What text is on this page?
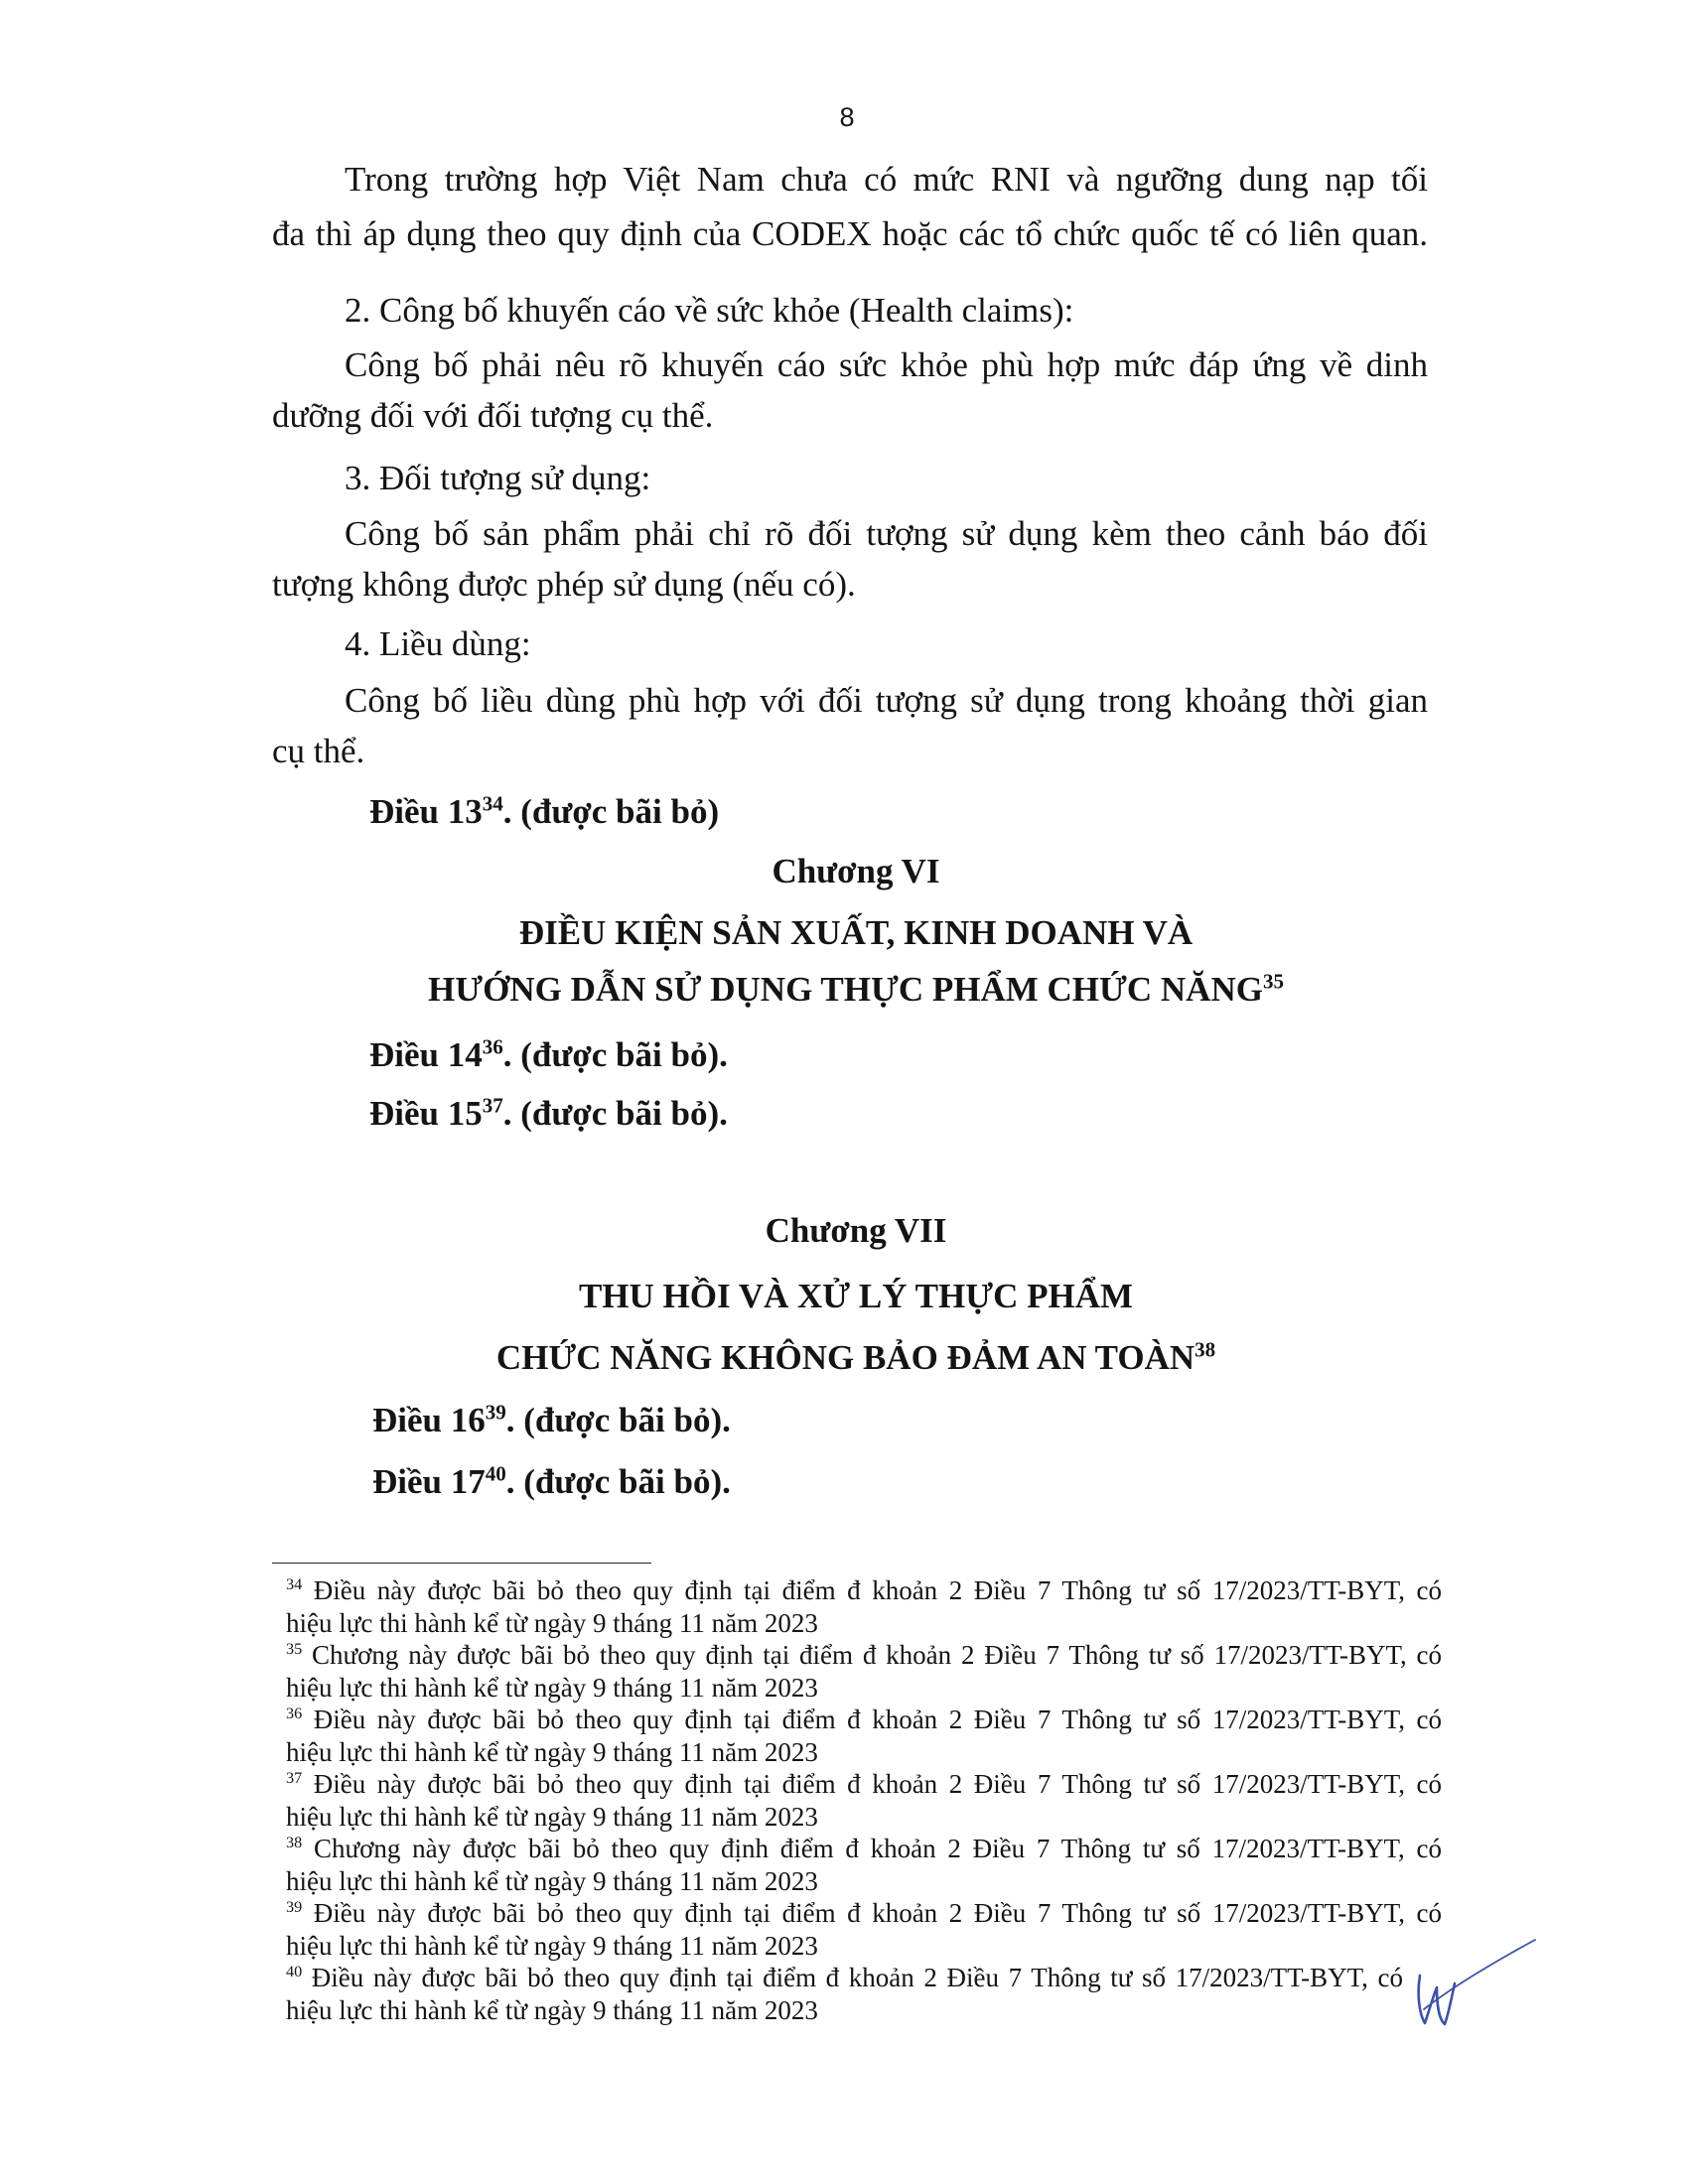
8
Trong trường hợp Việt Nam chưa có mức RNI và ngưỡng dung nạp tối
đa thì áp dụng theo quy định của CODEX hoặc các tổ chức quốc tế có liên quan.
2. Công bố khuyến cáo về sức khỏe (Health claims):
Công bố phải nêu rõ khuyến cáo sức khỏe phù hợp mức đáp ứng về dinh
dưỡng đối với đối tượng cụ thể.
3. Đối tượng sử dụng:
Công bố sản phẩm phải chỉ rõ đối tượng sử dụng kèm theo cảnh báo đối
tượng không được phép sử dụng (nếu có).
4. Liều dùng:
Công bố liều dùng phù hợp với đối tượng sử dụng trong khoảng thời gian
cụ thể.
Điều $13^{34}$. (được bãi bỏ)
Chương VI
ĐIỀU KIỆN SẢN XUẤT, KINH DOANH VÀ
HƯỚNG DẪN SỬ DỤNG THỰC PHẨM CHỨC NĂNG$^{35}$
Điều $14^{36}$. (được bãi bỏ).
Điều $15^{37}$. (được bãi bỏ).
Chương VII
THU HỒI VÀ XỬ LÝ THỰC PHẨM
CHỨC NĂNG KHÔNG BẢO ĐẢM AN TOÀN$^{38}$
Điều $16^{39}$. (được bãi bỏ).
Điều $17^{40}$. (được bãi bỏ).
$^{34}$ Điều này được bãi bỏ theo quy định tại điểm đ khoản 2 Điều 7 Thông tư số 17/2023/TT-BYT, có
hiệu lực thi hành kể từ ngày 9 tháng 11 năm 2023
$^{35}$ Chương này được bãi bỏ theo quy định tại điểm đ khoản 2 Điều 7 Thông tư số 17/2023/TT-BYT, có
hiệu lực thi hành kể từ ngày 9 tháng 11 năm 2023
$^{36}$ Điều này được bãi bỏ theo quy định tại điểm đ khoản 2 Điều 7 Thông tư số 17/2023/TT-BYT, có
hiệu lực thi hành kể từ ngày 9 tháng 11 năm 2023
$^{37}$ Điều này được bãi bỏ theo quy định tại điểm đ khoản 2 Điều 7 Thông tư số 17/2023/TT-BYT, có
hiệu lực thi hành kể từ ngày 9 tháng 11 năm 2023
$^{38}$ Chương này được bãi bỏ theo quy định điểm đ khoản 2 Điều 7 Thông tư số 17/2023/TT-BYT, có
hiệu lực thi hành kể từ ngày 9 tháng 11 năm 2023
$^{39}$ Điều này được bãi bỏ theo quy định tại điểm đ khoản 2 Điều 7 Thông tư số 17/2023/TT-BYT, có
hiệu lực thi hành kể từ ngày 9 tháng 11 năm 2023
$^{40}$ Điều này được bãi bỏ theo quy định tại điểm đ khoản 2 Điều 7 Thông tư số 17/2023/TT-BYT, có
hiệu lực thi hành kể từ ngày 9 tháng 11 năm 2023
